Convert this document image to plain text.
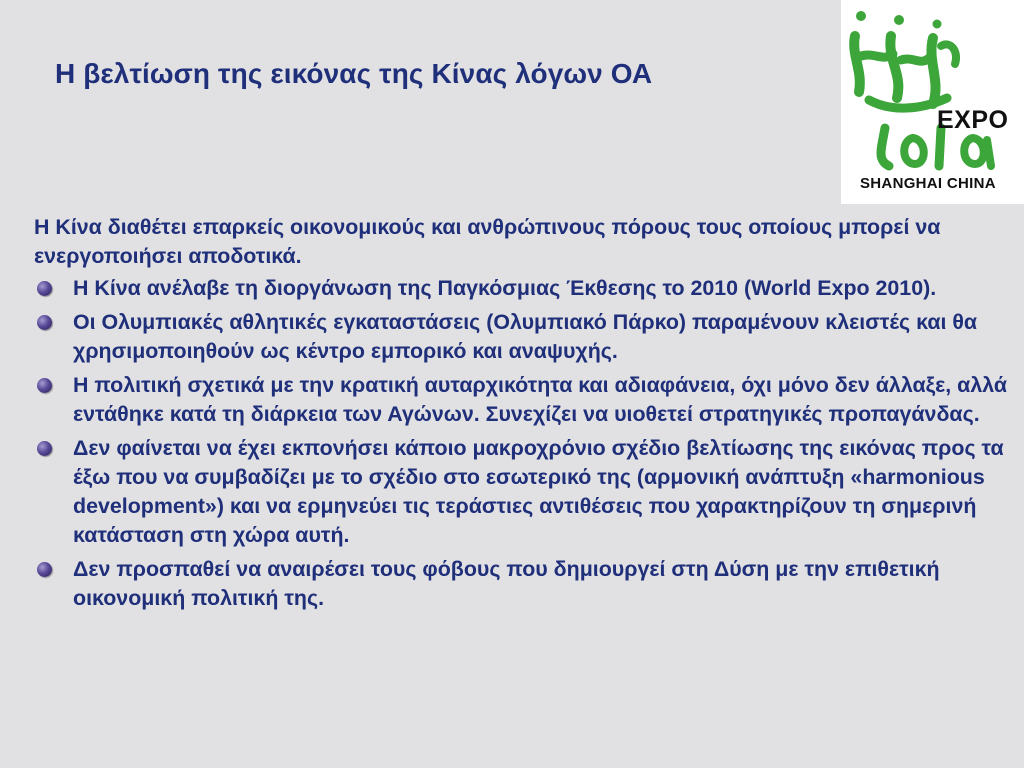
Η βελτίωση της εικόνας της Κίνας λόγων ΟΑ
EXPO
SHANGHAI CHINA

Η Κίνα διαθέτει επαρκείς οικονομικούς και ανθρώπινους πόρους τους οποίους μπορεί να ενεργοποιήσει αποδοτικά.

Η Κίνα ανέλαβε τη διοργάνωση της Παγκόσμιας Έκθεσης το 2010 (World Expo 2010).
Οι Ολυμπιακές αθλητικές εγκαταστάσεις (Ολυμπιακό Πάρκο) παραμένουν κλειστές και θα χρησιμοποιηθούν ως κέντρο εμπορικό και αναψυχής.
Η πολιτική σχετικά με την κρατική αυταρχικότητα και αδιαφάνεια, όχι μόνο δεν άλλαξε, αλλά εντάθηκε κατά τη διάρκεια των Αγώνων. Συνεχίζει να υιοθετεί στρατηγικές προπαγάνδας.
Δεν φαίνεται να έχει εκπονήσει κάποιο μακροχρόνιο σχέδιο βελτίωσης της εικόνας προς τα έξω που να συμβαδίζει με το σχέδιο στο εσωτερικό της (αρμονική ανάπτυξη «harmonious development») και να ερμηνεύει τις τεράστιες αντιθέσεις που χαρακτηρίζουν τη σημερινή κατάσταση στη χώρα αυτή.
Δεν προσπαθεί να αναιρέσει τους φόβους που δημιουργεί στη Δύση με την επιθετική οικονομική πολιτική της.
